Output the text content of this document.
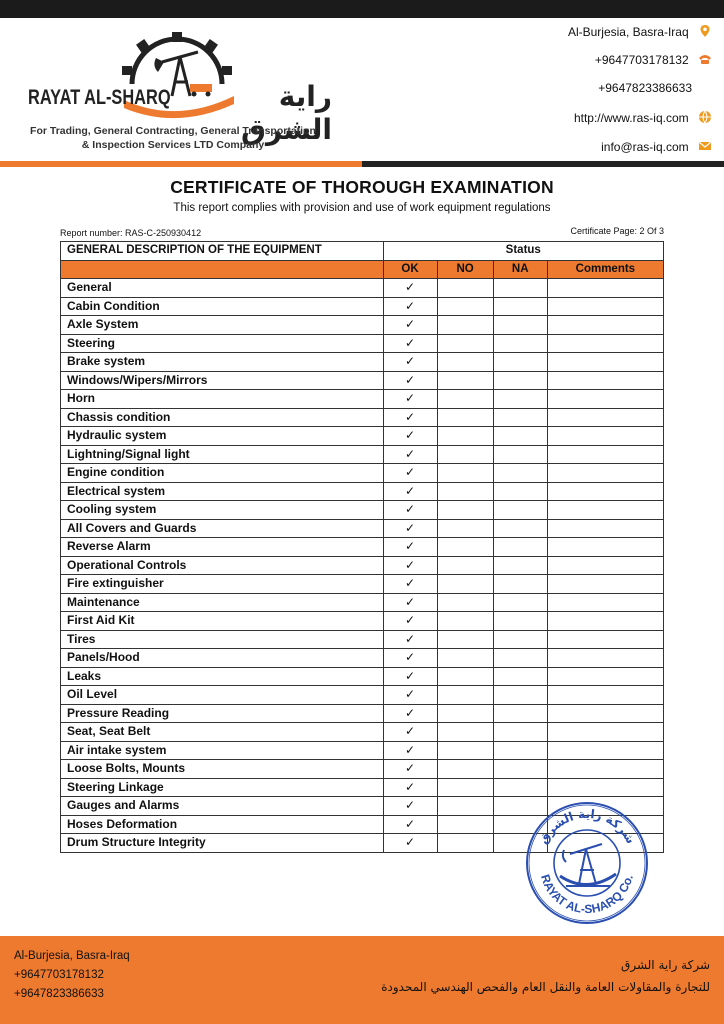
RAYAT AL-SHARQ	راية الشرق
For Trading, General Contracting, General Transportation
& Inspection Services LTD Company
Al-Burjesia, Basra-Iraq
+9647703178132
+9647823386633
http://www.ras-iq.com
info@ras-iq.com
CERTIFICATE OF THOROUGH EXAMINATION
This report complies with provision and use of work equipment regulations
Report number: RAS-C-250930412	Certificate Page: 2 Of 3
GENERAL DESCRIPTION OF THE EQUIPMENT	Status			
	OK	NO	NA	Comments
General	✓			
Cabin Condition	✓			
Axle System	✓			
Steering	✓			
Brake system	✓			
Windows/Wipers/Mirrors	✓			
Horn	✓			
Chassis condition	✓			
Hydraulic system	✓			
Lightning/Signal light	✓			
Engine condition	✓			
Electrical system	✓			
Cooling system	✓			
All Covers and Guards	✓			
Reverse Alarm	✓			
Operational Controls	✓			
Fire extinguisher	✓			
Maintenance	✓			
First Aid Kit	✓			
Tires	✓			
Panels/Hood	✓			
Leaks	✓			
Oil Level	✓			
Pressure Reading	✓			
Seat, Seat Belt	✓			
Air intake system	✓			
Loose Bolts, Mounts	✓			
Steering Linkage	✓			
Gauges and Alarms	✓			
Hoses Deformation	✓			
Drum Structure Integrity	✓				شركة راية الشرق
RAYAT AL-SHARQ Co.
Al-Burjesia, Basra-Iraq
+9647703178132
+9647823386633
شركة راية الشرق
للتجارة والمقاولات العامة والنقل العام والفحص الهندسي المحدودة
